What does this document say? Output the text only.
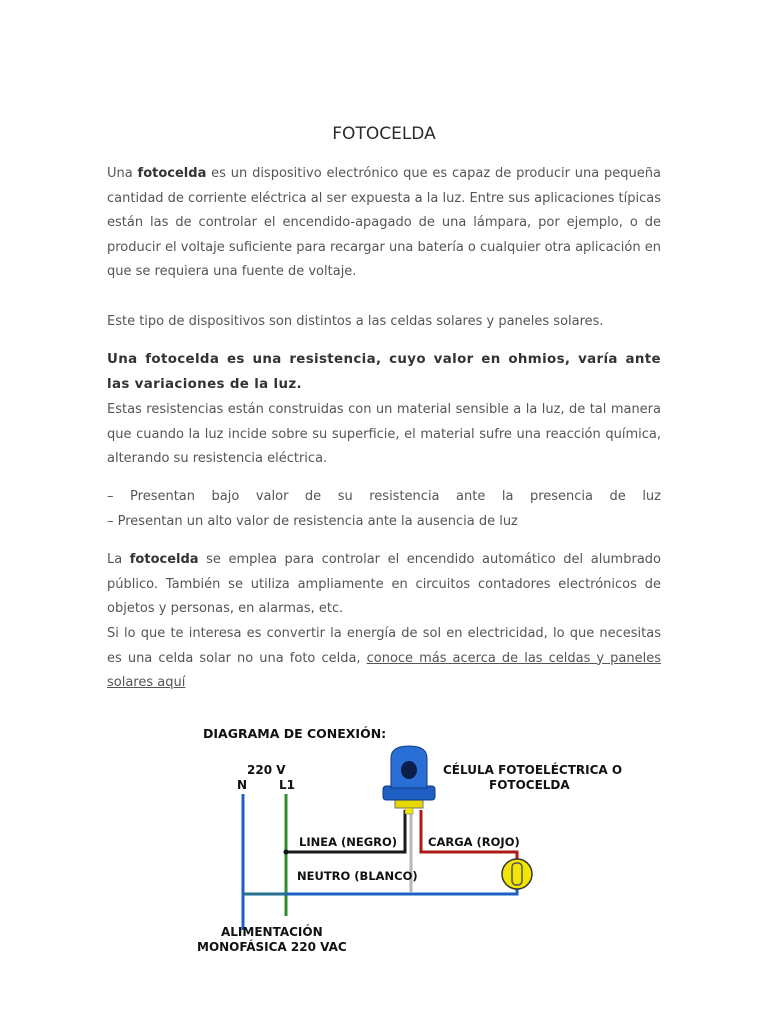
FOTOCELDA

Una fotocelda es un dispositivo electrónico que es capaz de producir una pequeña cantidad de corriente eléctrica al ser expuesta a la luz. Entre sus aplicaciones típicas están las de controlar el encendido-apagado de una lámpara, por ejemplo, o de producir el voltaje suficiente para recargar una batería o cualquier otra aplicación en que se requiera una fuente de voltaje.

Este tipo de dispositivos son distintos a las celdas solares y paneles solares.

Una fotocelda es una resistencia, cuyo valor en ohmios, varía ante las variaciones de la luz.

Estas resistencias están construidas con un material sensible a la luz, de tal manera que cuando la luz incide sobre su superficie, el material sufre una reacción química, alterando su resistencia eléctrica.

– Presentan bajo valor de su resistencia ante la presencia de luz
– Presentan un alto valor de resistencia ante la ausencia de luz

La fotocelda se emplea para controlar el encendido automático del alumbrado público. También se utiliza ampliamente en circuitos contadores electrónicos de objetos y personas, en alarmas, etc.

Si lo que te interesa es convertir la energía de sol en electricidad, lo que necesitas es una celda solar no una foto celda, conoce más acerca de las celdas y paneles solares aquí

DIAGRAMA DE CONEXIÓN:
220 V
N	L1
CÉLULA FOTOELÉCTRICA O
FOTOCELDA
LINEA (NEGRO)	CARGA (ROJO)
NEUTRO (BLANCO)
ALIMENTACIÓN
MONOFÁSICA 220 VAC
